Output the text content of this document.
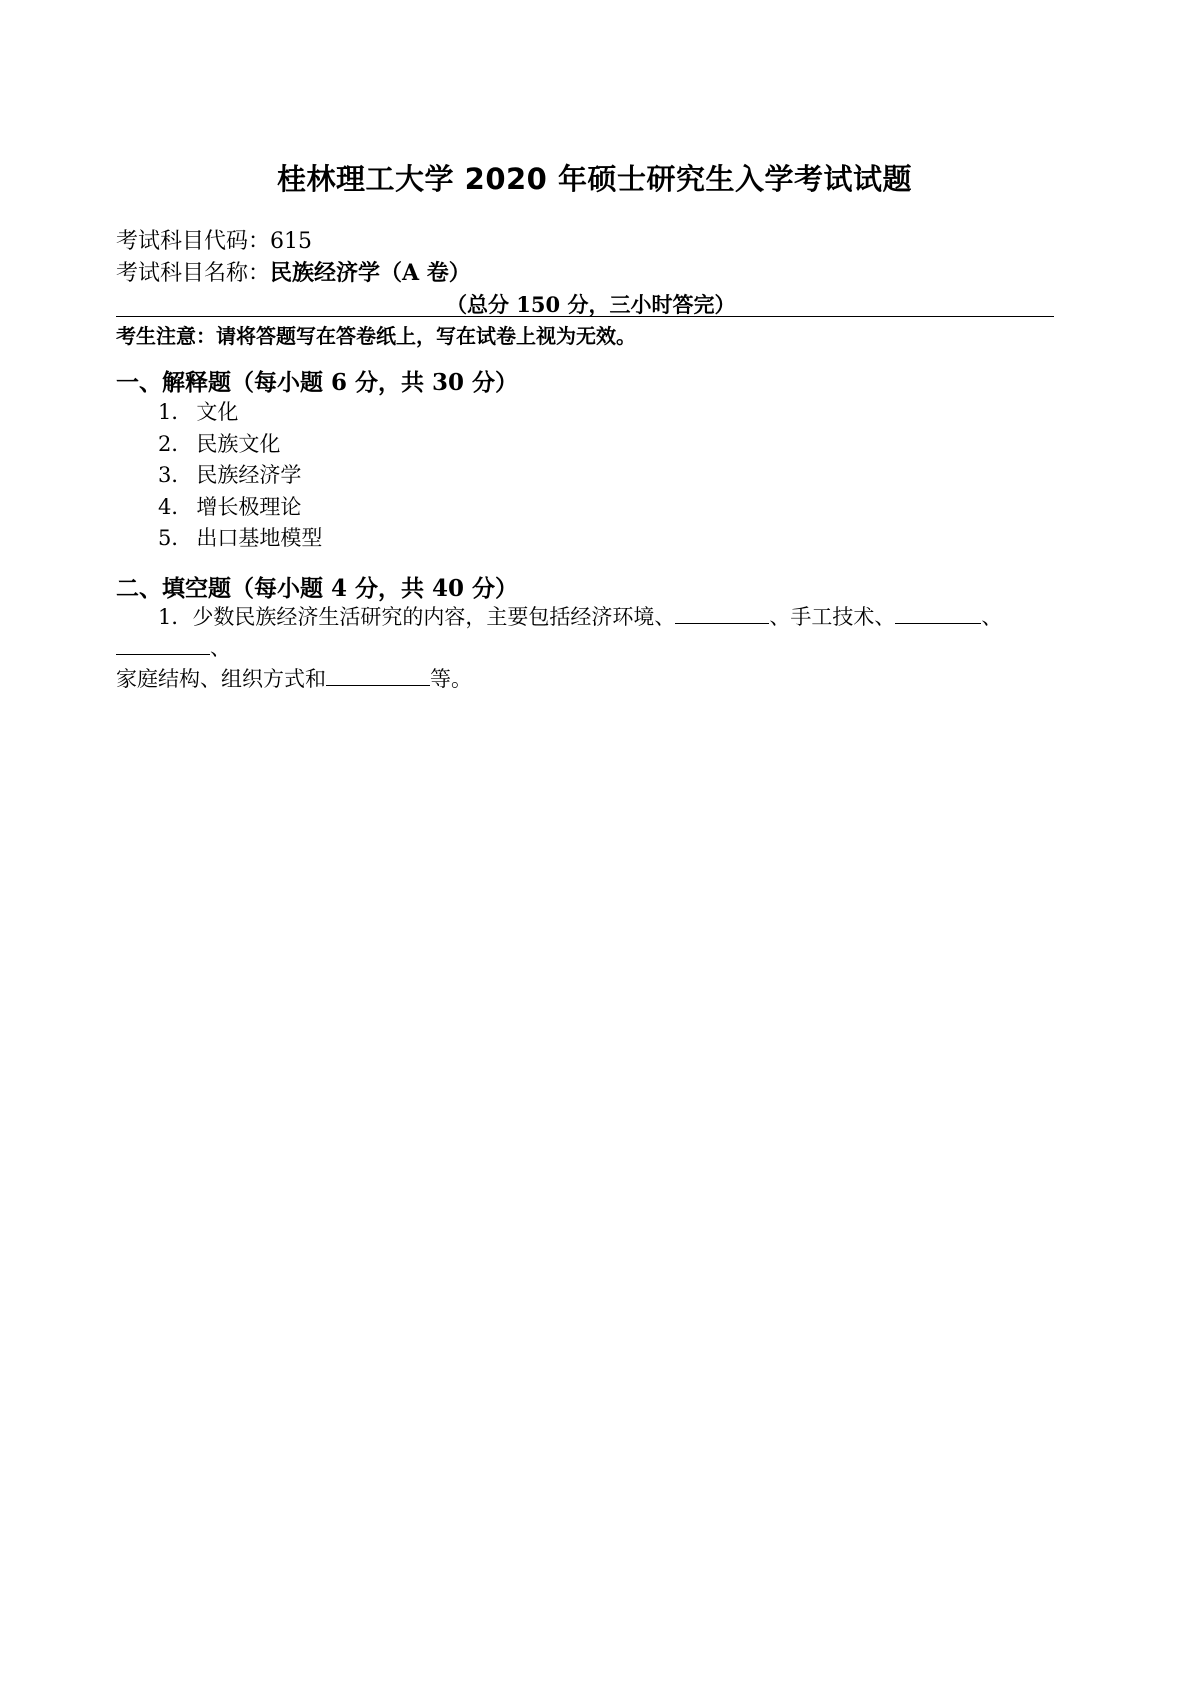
桂林理工大学 2020 年硕士研究生入学考试试题
考试科目代码：615
考试科目名称：民族经济学（A 卷）
（总分 150 分，三小时答完）
考生注意：请将答题写在答卷纸上，写在试卷上视为无效。
一、解释题（每小题 6 分，共 30 分）
1． 文化
2． 民族文化
3． 民族经济学
4． 增长极理论
5． 出口基地模型
二、填空题（每小题 4 分，共 40 分）
1．少数民族经济生活研究的内容，主要包括经济环境、	、手工技术、	、、
家庭结构、组织方式和	等。
